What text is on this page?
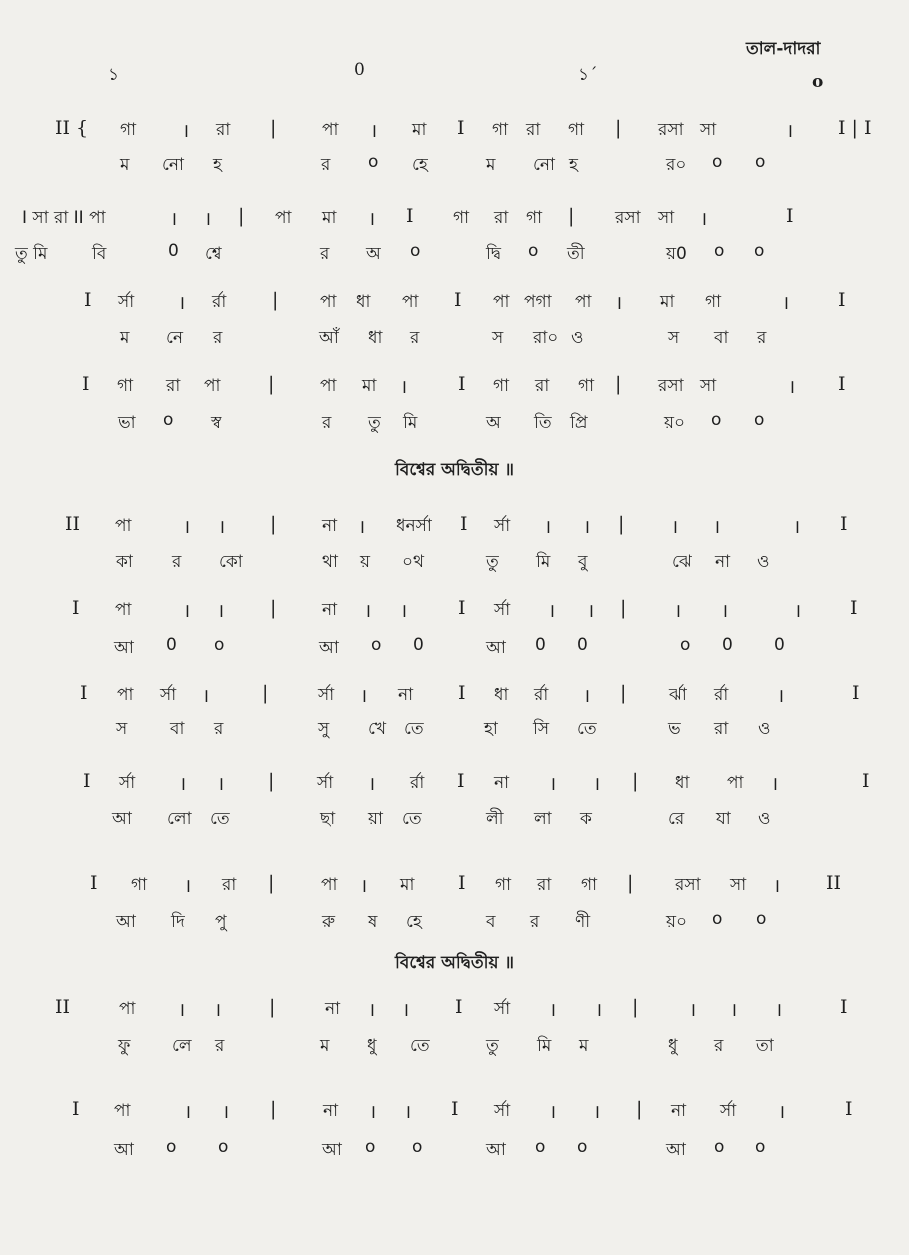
তাল-দাদরা
১	0	১´	o
II { গা । রা |	পা । মা I গা রা গা | রসা সা	। I | I
ম নো হ	র o হে	ম নো হ	র০ o o
I সা রা II পা	। । | পা মা । I গা রা গা | রসা সা ।	I
তু মি	বি	0 শ্বে	র অ o	দ্বি o তী	য়0 o o
I র্সা । র্রা | পা ধা পা I পা পগা পা । মা গা	।	I
ম নে র	আঁ ধা র	স রা০ ও	স বা র
I গা রা পা	|	পা মা ।	I গা রা গা | রসা সা	। I
ভা o স্ব	র তু মি	অ তি প্রি	য়০ o o
II পা	। । |	না । ধনর্সা I র্সা । । | । ।	। I
কা র কো	থা য় ০থ	তু মি বু	ঝে না ও
I পা	। । |	না । ।	I র্সা । । |	। ।	।	I
আ 0 o	আ o 0	আ 0 0	o 0 0
I পা র্সা ।	|	র্সা । না I ধা র্রা । |	র্ঝা র্রা	।	I
স	বা র	সু খে তে	হা সি তে	ভ রা ও
I র্সা । । |	র্সা । র্রা I না । । | ধা পা ।	I
আ লো তে	ছা য়া তে	লী লা ক	রে যা ও
I গা । রা |	পা । মা I গা রা গা | রসা সা । II
আ দি পু	রু ষ হে	ব র ণী	য়০ o o
II	পা । ।	|	না । । I র্সা । । |	। । ।	I
ফু লে র	ম ধু তে	তু মি ম	ধু র তা
I পা	। । |	না । । I র্সা । । | না র্সা ।	I
আ o o	আ o o	আ o o	আ o o
বিশ্বের অদ্বিতীয় ॥
বিশ্বের অদ্বিতীয় ॥
